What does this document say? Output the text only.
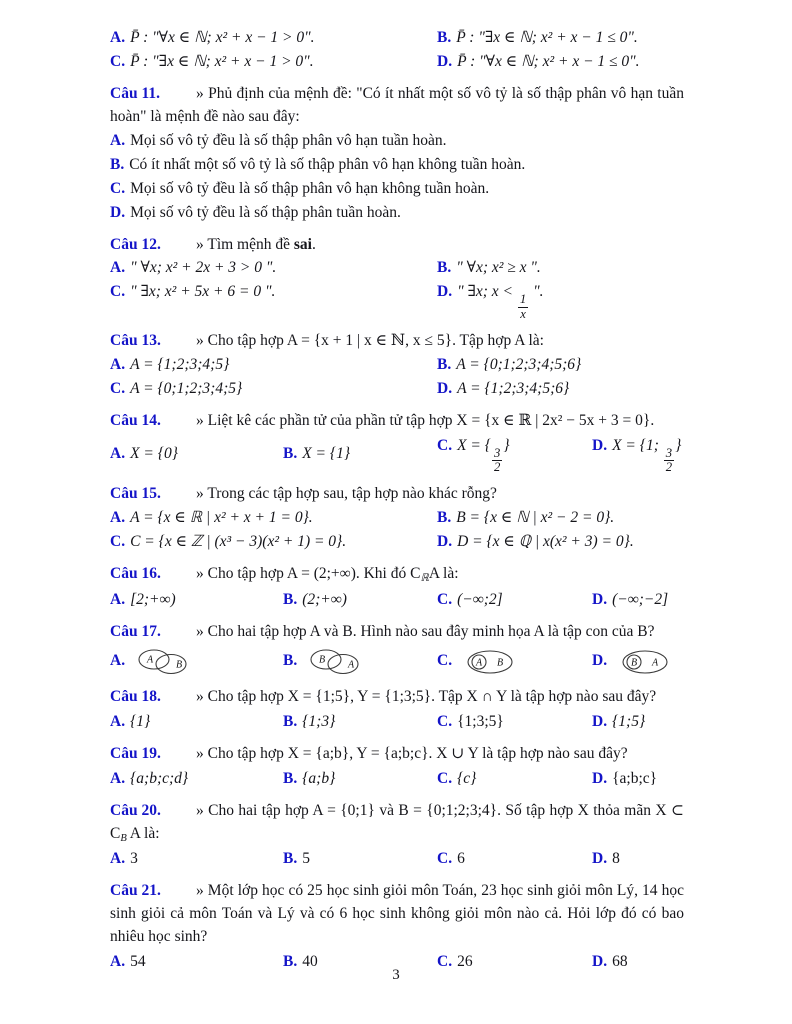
A. P̄ : "∀x ∈ ℕ; x² + x − 1 > 0".	B. P̄ : "∃x ∈ ℕ; x² + x − 1 ≤ 0".

C. P̄ : "∃x ∈ ℕ; x² + x − 1 > 0".	D. P̄ : "∀x ∈ ℕ; x² + x − 1 ≤ 0".

Câu 11. » Phủ định của mệnh đề: "Có ít nhất một số vô tỷ là số thập phân vô hạn tuần hoàn" là mệnh đề nào sau đây:

A. Mọi số vô tỷ đều là số thập phân vô hạn tuần hoàn.

B. Có ít nhất một số vô tỷ là số thập phân vô hạn không tuần hoàn.

C. Mọi số vô tỷ đều là số thập phân vô hạn không tuần hoàn.

D. Mọi số vô tỷ đều là số thập phân tuần hoàn.

Câu 12. » Tìm mệnh đề sai.

A. " ∀x; x² + 2x + 3 > 0 ".	B. " ∀x; x² ≥ x ".

C. " ∃x; x² + 5x + 6 = 0 ".	D. " ∃x; x <
$\frac{1}{x}$
".

Câu 13. » Cho tập hợp A = {x + 1 | x ∈ ℕ, x ≤ 5}. Tập hợp A là:

A. A = {1;2;3;4;5}	B. A = {0;1;2;3;4;5;6}

C. A = {0;1;2;3;4;5}	D. A = {1;2;3;4;5;6}

Câu 14. » Liệt kê các phần tử của phần tử tập hợp X = {x ∈ ℝ | 2x² − 5x + 3 = 0}.

A. X = {0}	B. X = {1}	C. X = {
$\frac{3}{2}$
}	D. X = {1;
$\frac{3}{2}$
}

Câu 15. » Trong các tập hợp sau, tập hợp nào khác rỗng?

A. A = {x ∈ ℝ | x² + x + 1 = 0}.	B. B = {x ∈ ℕ | x² − 2 = 0}.

C. C = {x ∈ ℤ | (x³ − 3)(x² + 1) = 0}.	D. D = {x ∈ ℚ | x(x² + 3) = 0}.

Câu 16. » Cho tập hợp A = (2;+∞). Khi đó $C_ℝA$ là:

A. [2;+∞)	B. (2;+∞)	C. (−∞;2]	D. (−∞;−2]

Câu 17. » Cho hai tập hợp A và B. Hình nào sau đây minh họa A là tập con của B?

A. A B	B. B A	C. A B	D. B A

Câu 18. » Cho tập hợp X = {1;5}, Y = {1;3;5}. Tập X ∩ Y là tập hợp nào sau đây?

A. {1}	B. {1;3}	C. {1;3;5}	D. {1;5}

Câu 19. » Cho tập hợp X = {a;b}, Y = {a;b;c}. X ∪ Y là tập hợp nào sau đây?

A. {a;b;c;d}	B. {a;b}	C. {c}	D. {a;b;c}

Câu 20. » Cho hai tập hợp A = {0;1} và B = {0;1;2;3;4}. Số tập hợp X thỏa mãn X ⊂ $C_B$ A là:

A. 3	B. 5	C. 6	D. 8

Câu 21. » Một lớp học có 25 học sinh giỏi môn Toán, 23 học sinh giỏi môn Lý, 14 học sinh giỏi cả môn Toán và Lý và có 6 học sinh không giỏi môn nào cả. Hỏi lớp đó có bao nhiêu học sinh?

A. 54	B. 40	C. 26	D. 68

3
